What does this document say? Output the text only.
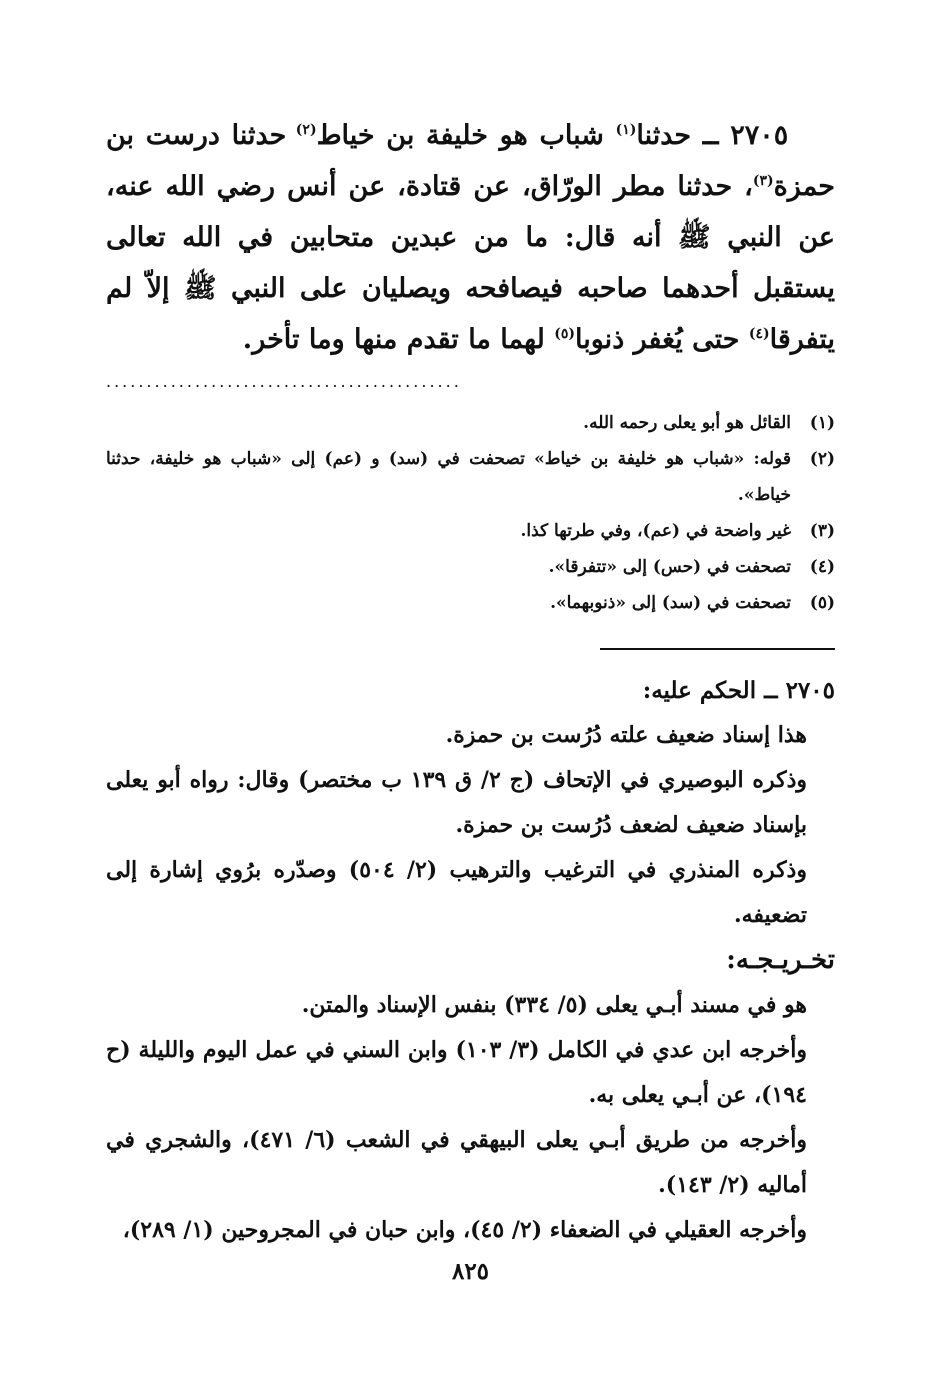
٢٧٠٥ ــ حدثنا$^{(١)}$ شباب هو خليفة بن خياط$^{(٢)}$ حدثنا درست بن حمزة$^{(٣)}$، حدثنا مطر الورّاق، عن قتادة، عن أنس رضي الله عنه، عن النبي ﷺ أنه قال: ما من عبدين متحابين في الله تعالى يستقبل أحدهما صاحبه فيصافحه ويصليان على النبي ﷺ إلاّ لم يتفرقا$^{(٤)}$ حتى يُغفر ذنوبا$^{(٥)}$ لهما ما تقدم منها وما تأخر.

............................................
(١)
القائل هو أبو يعلى رحمه الله.
(٢)
قوله: «شباب هو خليفة بن خياط» تصحفت في (سد) و (عم) إلى «شباب هو خليفة، حدثنا خياط».
(٣)
غير واضحة في (عم)، وفي طرتها كذا.
(٤)
تصحفت في (حس) إلى «تتفرقا».
(٥)
تصحفت في (سد) إلى «ذنوبهما».

٢٧٠٥ ــ الحكم عليه:

هذا إسناد ضعيف علته دُرُست بن حمزة.

وذكره البوصيري في الإتحاف (ج ٢/ ق ١٣٩ ب مختصر) وقال: رواه أبو يعلى بإسناد ضعيف لضعف دُرُست بن حمزة.

وذكره المنذري في الترغيب والترهيب (٢/ ٥٠٤) وصدّره برُوي إشارة إلى تضعيفه.

تخـريـجـه:

هو في مسند أبـي يعلى (٥/ ٣٣٤) بنفس الإسناد والمتن.

وأخرجه ابن عدي في الكامل (٣/ ١٠٣) وابن السني في عمل اليوم والليلة (ح ١٩٤)، عن أبـي يعلى به.

وأخرجه من طريق أبـي يعلى البيهقي في الشعب (٦/ ٤٧١)، والشجري في أماليه (٢/ ١٤٣).

وأخرجه العقيلي في الضعفاء (٢/ ٤٥)، وابن حبان في المجروحين (١/ ٢٨٩)،

٨٢٥
